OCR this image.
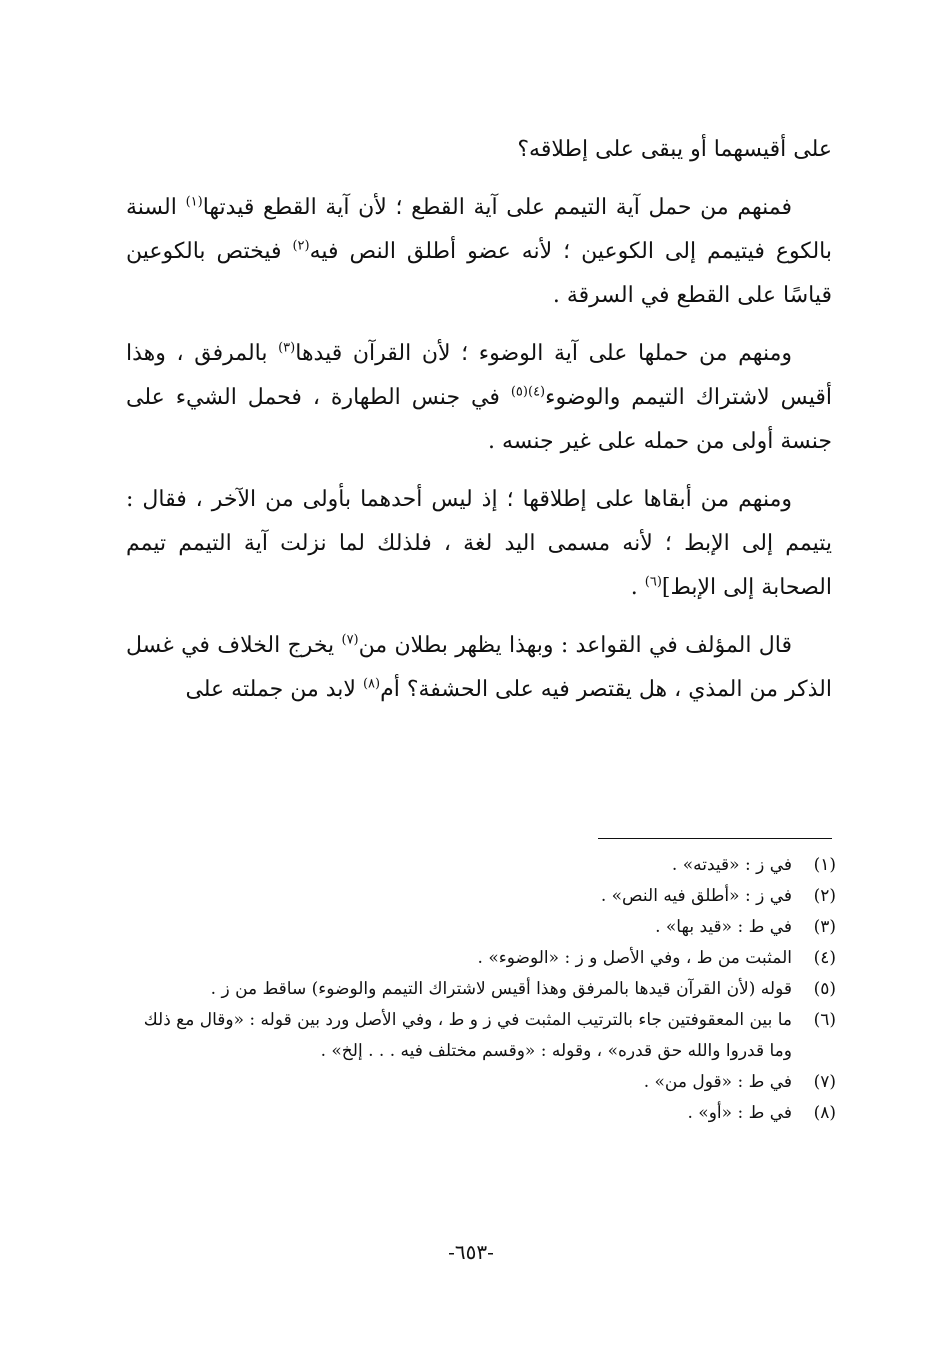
على أقيسهما أو يبقى على إطلاقه؟

فمنهم من حمل آية التيمم على آية القطع ؛ لأن آية القطع قيدتها$^{(١)}$ السنة بالكوع فيتيمم إلى الكوعين ؛ لأنه عضو أطلق النص فيه$^{(٢)}$ فيختص بالكوعين قياسًا على القطع في السرقة .

ومنهم من حملها على آية الوضوء ؛ لأن القرآن قيدها$^{(٣)}$ بالمرفق ، وهذا أقيس لاشتراك التيمم والوضوء$^{(٤)(٥)}$ في جنس الطهارة ، فحمل الشيء على جنسة أولى من حمله على غير جنسه .

ومنهم من أبقاها على إطلاقها ؛ إذ ليس أحدهما بأولى من الآخر ، فقال : يتيمم إلى الإبط ؛ لأنه مسمى اليد لغة ، فلذلك لما نزلت آية التيمم تيمم الصحابة إلى الإبط]$^{(٦)}$ .

قال المؤلف في القواعد : وبهذا يظهر بطلان من$^{(٧)}$ يخرج الخلاف في غسل الذكر من المذي ، هل يقتصر فيه على الحشفة؟ أم$^{(٨)}$ لابد من جملته على

(١)
في ز : «قيدته» .
(٢)
في ز : «أطلق فيه النص» .
(٣)
في ط : «قيد بها» .
(٤)
المثبت من ط ، وفي الأصل و ز : «الوضوء» .
(٥)
قوله (لأن القرآن قيدها بالمرفق وهذا أقيس لاشتراك التيمم والوضوء) ساقط من ز .
(٦)
ما بين المعقوفتين جاء بالترتيب المثبت في ز و ط ، وفي الأصل ورد بين قوله : «وقال مع ذلك وما قدروا والله حق قدره» ، وقوله : «وقسم مختلف فيه . . . إلخ» .
(٧)
في ط : «قول من» .
(٨)
في ط : «أو» .
-٦٥٣-
